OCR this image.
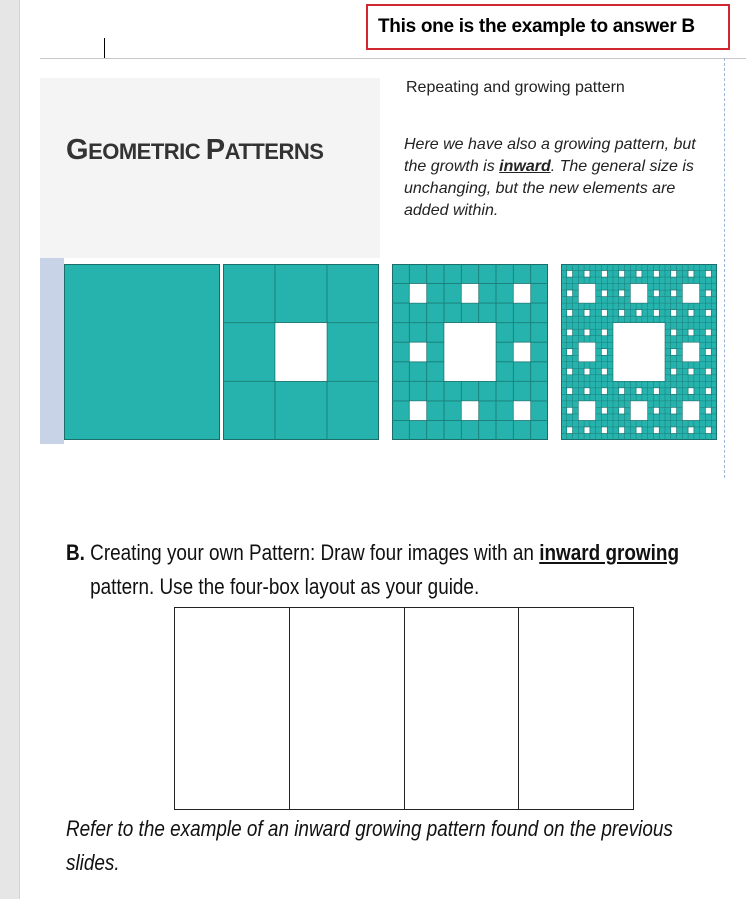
This one is the example to answer B
GEOMETRIC PATTERNS
Repeating and growing pattern
Here we have also a growing pattern, but the growth is inward. The general size is unchanging, but the new elements are added within.
B. Creating your own Pattern: Draw four images with an inward growing
pattern. Use the four-box layout as your guide.
Refer to the example of an inward growing pattern found on the previous
slides.
